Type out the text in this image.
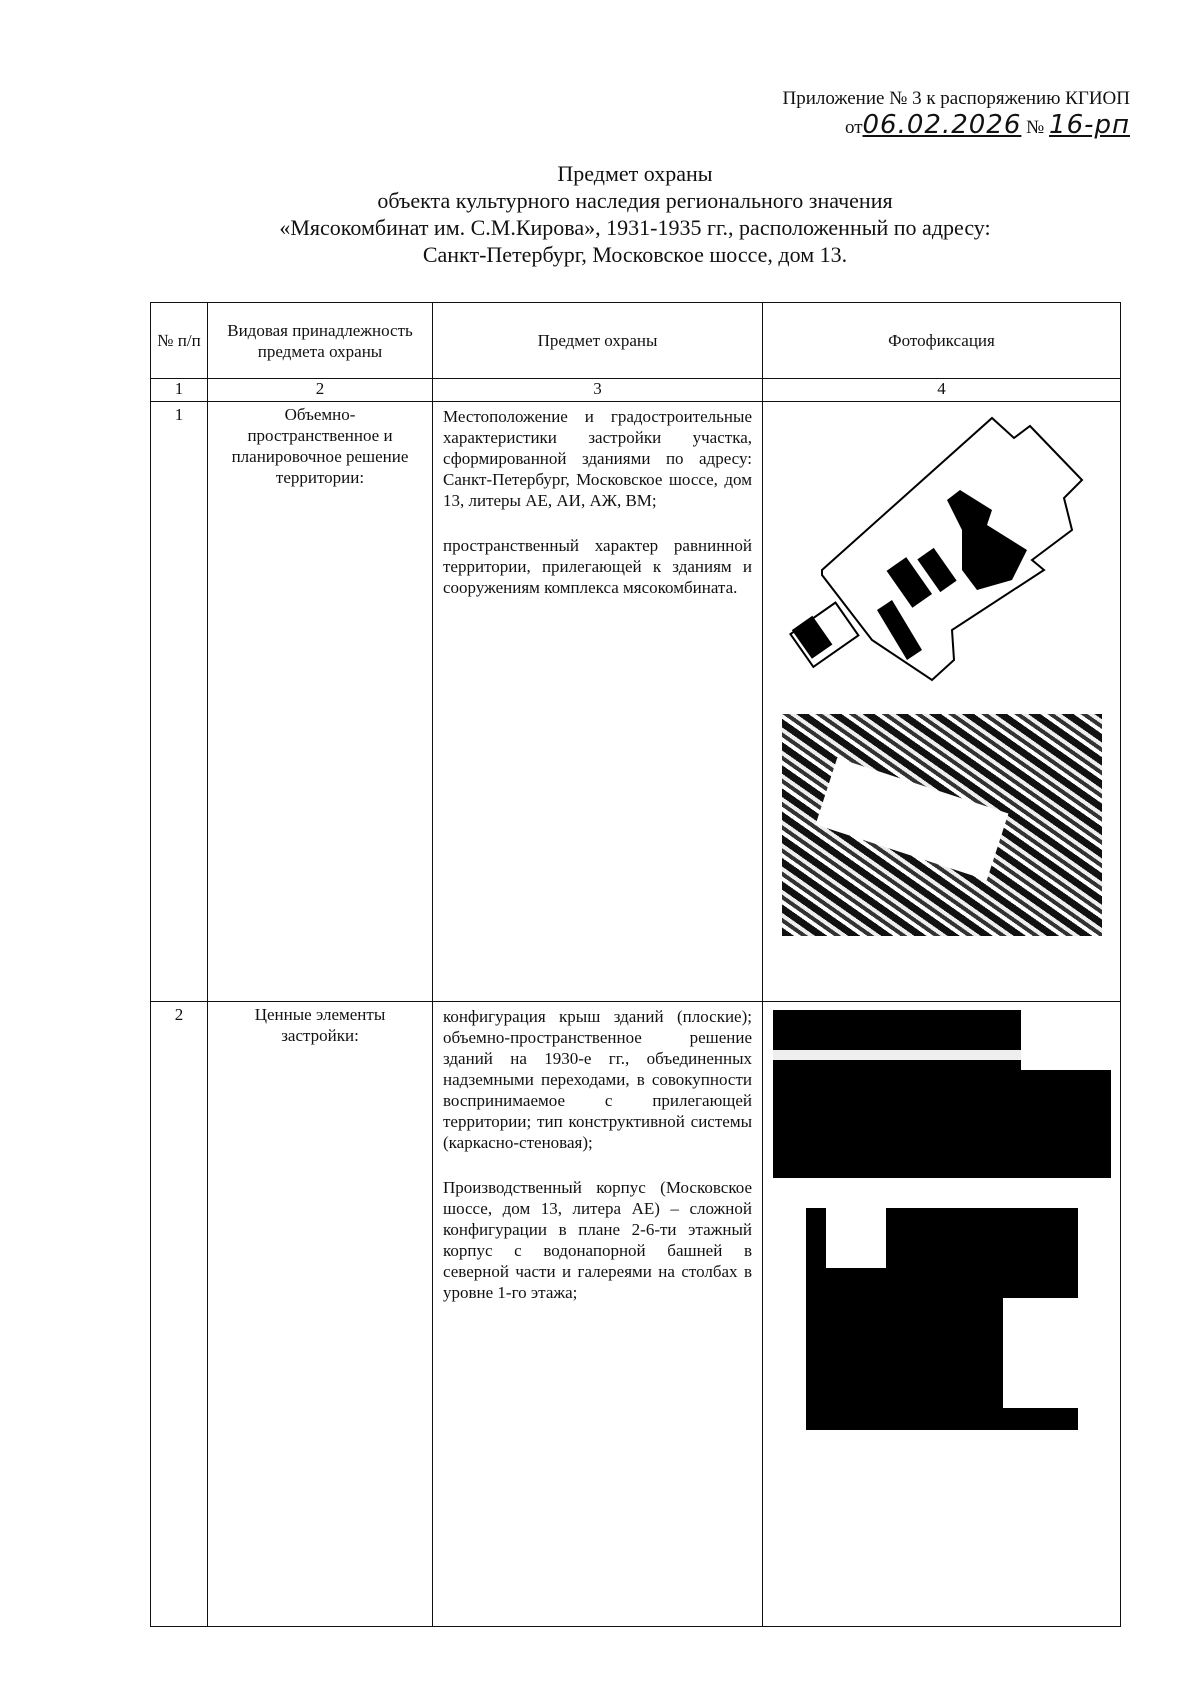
Приложение № 3 к распоряжению КГИОП
от06.02.2026 № 16-рп
Предмет охраны
объекта культурного наследия регионального значения
«Мясокомбинат им. С.М.Кирова», 1931-1935 гг., расположенный по адресу:
Санкт-Петербург, Московское шоссе, дом 13.
№ п/п	Видовая принадлежность предмета охраны	Предмет охраны	Фотофиксация
1	2	3	4
1	Объемно-пространственное и планировочное решение территории:	Местоположение и градостроительные характеристики застройки участка, сформированной зданиями по адресу: Санкт-Петербург, Московское шоссе, дом 13, литеры АЕ, АИ, АЖ, ВМ;

пространственный характер равнинной территории, прилегающей к зданиям и сооружениям комплекса мясокомбината.

2	Ценные элементы застройки:	конфигурация крыш зданий (плоские); объемно-пространственное решение зданий на 1930-е гг., объединенных надземными переходами, в совокупности воспринимаемое с прилегающей территории; тип конструктивной системы (каркасно-стеновая);

Производственный корпус (Московское шоссе, дом 13, литера АЕ) – сложной конфигурации в плане 2-6-ти этажный корпус с водонапорной башней в северной части и галереями на столбах в уровне 1-го этажа;	
